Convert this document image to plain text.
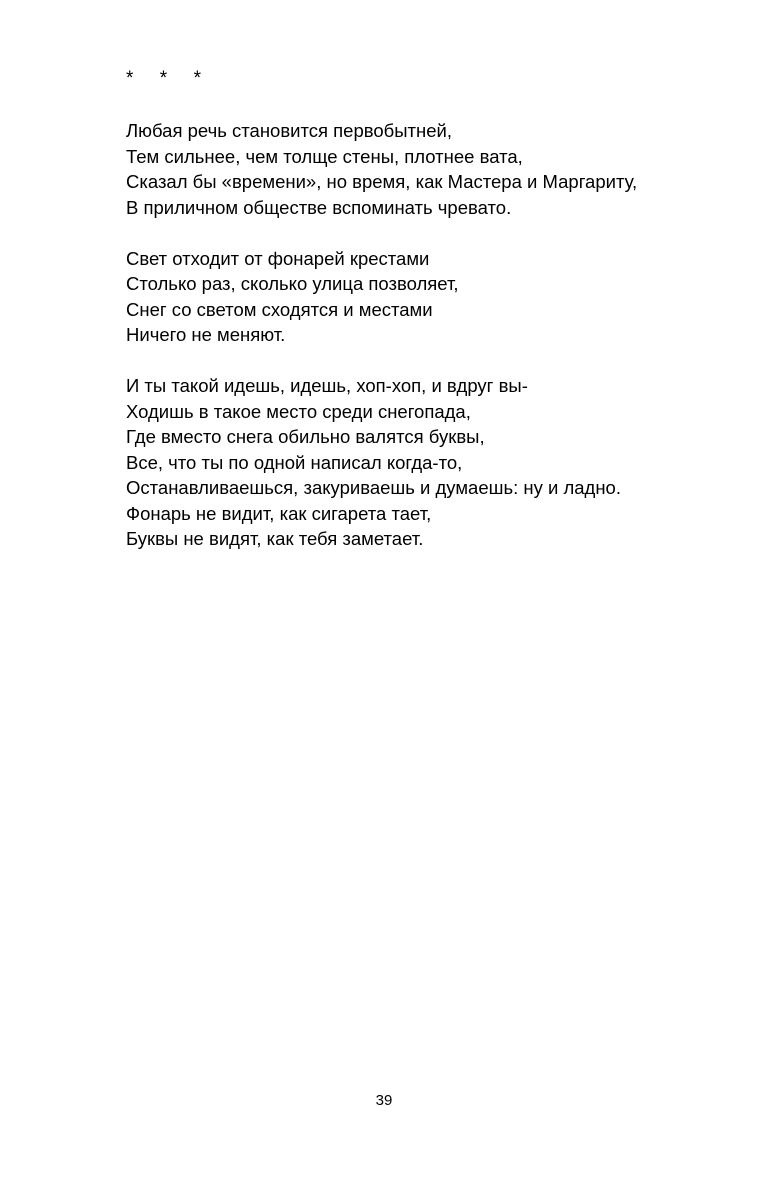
*     *     *
Любая речь становится первобытней,
Тем сильнее, чем толще стены, плотнее вата,
Сказал бы «времени», но время, как Мастера и Маргариту,
В приличном обществе вспоминать чревато.
Свет отходит от фонарей крестами
Столько раз, сколько улица позволяет,
Снег со светом сходятся и местами
Ничего не меняют.
И ты такой идешь, идешь, хоп-хоп, и вдруг вы-
Ходишь в такое место среди снегопада,
Где вместо снега обильно валятся буквы,
Все, что ты по одной написал когда-то,
Останавливаешься, закуриваешь и думаешь: ну и ладно.
Фонарь не видит, как сигарета тает,
Буквы не видят, как тебя заметает.
39
